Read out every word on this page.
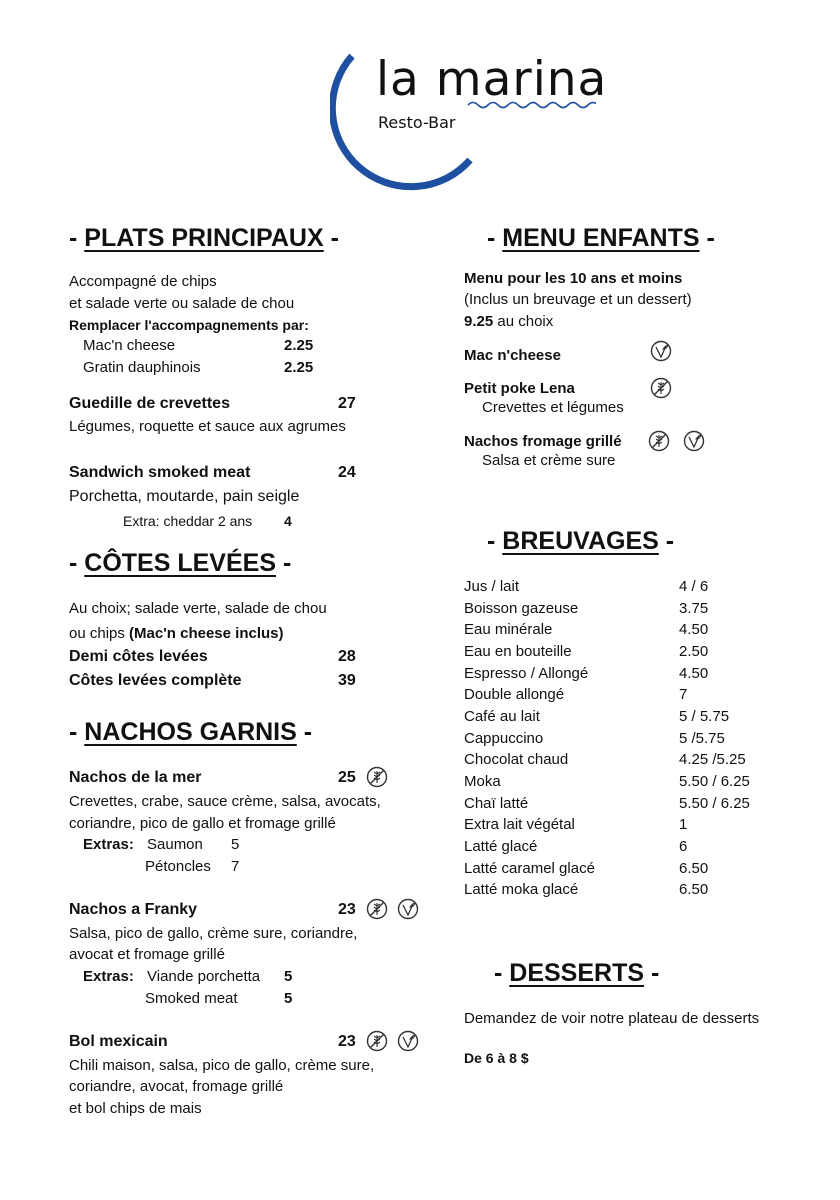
la marina
Resto-Bar
- PLATS PRINCIPAUX -
Accompagné de chips
et salade verte ou salade de chou
Remplacer l'accompagnements par:
Mac'n cheese	2.25
Gratin dauphinois	2.25
Guedille de crevettes	27
Légumes, roquette et sauce aux agrumes
Sandwich smoked meat	24
Porchetta, moutarde, pain seigle
Extra: cheddar 2 ans 4
- CÔTES LEVÉES -
Au choix; salade verte, salade de chou
ou chips (Mac'n cheese inclus)
Demi côtes levées	28
Côtes levées complète	39
- NACHOS GARNIS -
Nachos de la mer	25
Crevettes, crabe, sauce crème, salsa, avocats,
coriandre, pico de gallo et fromage grillé
Extras: Saumon 5
Pétoncles 7
Nachos a Franky	23
Salsa, pico de gallo, crème sure, coriandre,
avocat et fromage grillé
Extras: Viande porchetta 5
Smoked meat	5
Bol mexicain	23
Chili maison, salsa, pico de gallo, crème sure,
coriandre, avocat, fromage grillé
et bol chips de mais
- MENU ENFANTS -
Menu pour les 10 ans et moins
(Inclus un breuvage et un dessert)
9.25 au choix
Mac n'cheese
Petit poke Lena
Crevettes et légumes
Nachos fromage grillé
Salsa et crème sure
- BREUVAGES -
Jus / lait	4 / 6
Boisson gazeuse	3.75
Eau minérale	4.50
Eau en bouteille	2.50
Espresso / Allongé	4.50
Double allongé	7
Café au lait	5 / 5.75
Cappuccino	5 /5.75
Chocolat chaud	4.25 /5.25
Moka	5.50 / 6.25
Chaï latté	5.50 / 6.25
Extra lait végétal	1
Latté glacé	6
Latté caramel glacé	6.50
Latté moka glacé	6.50
- DESSERTS -
Demandez de voir notre plateau de desserts
De 6 à 8 $
